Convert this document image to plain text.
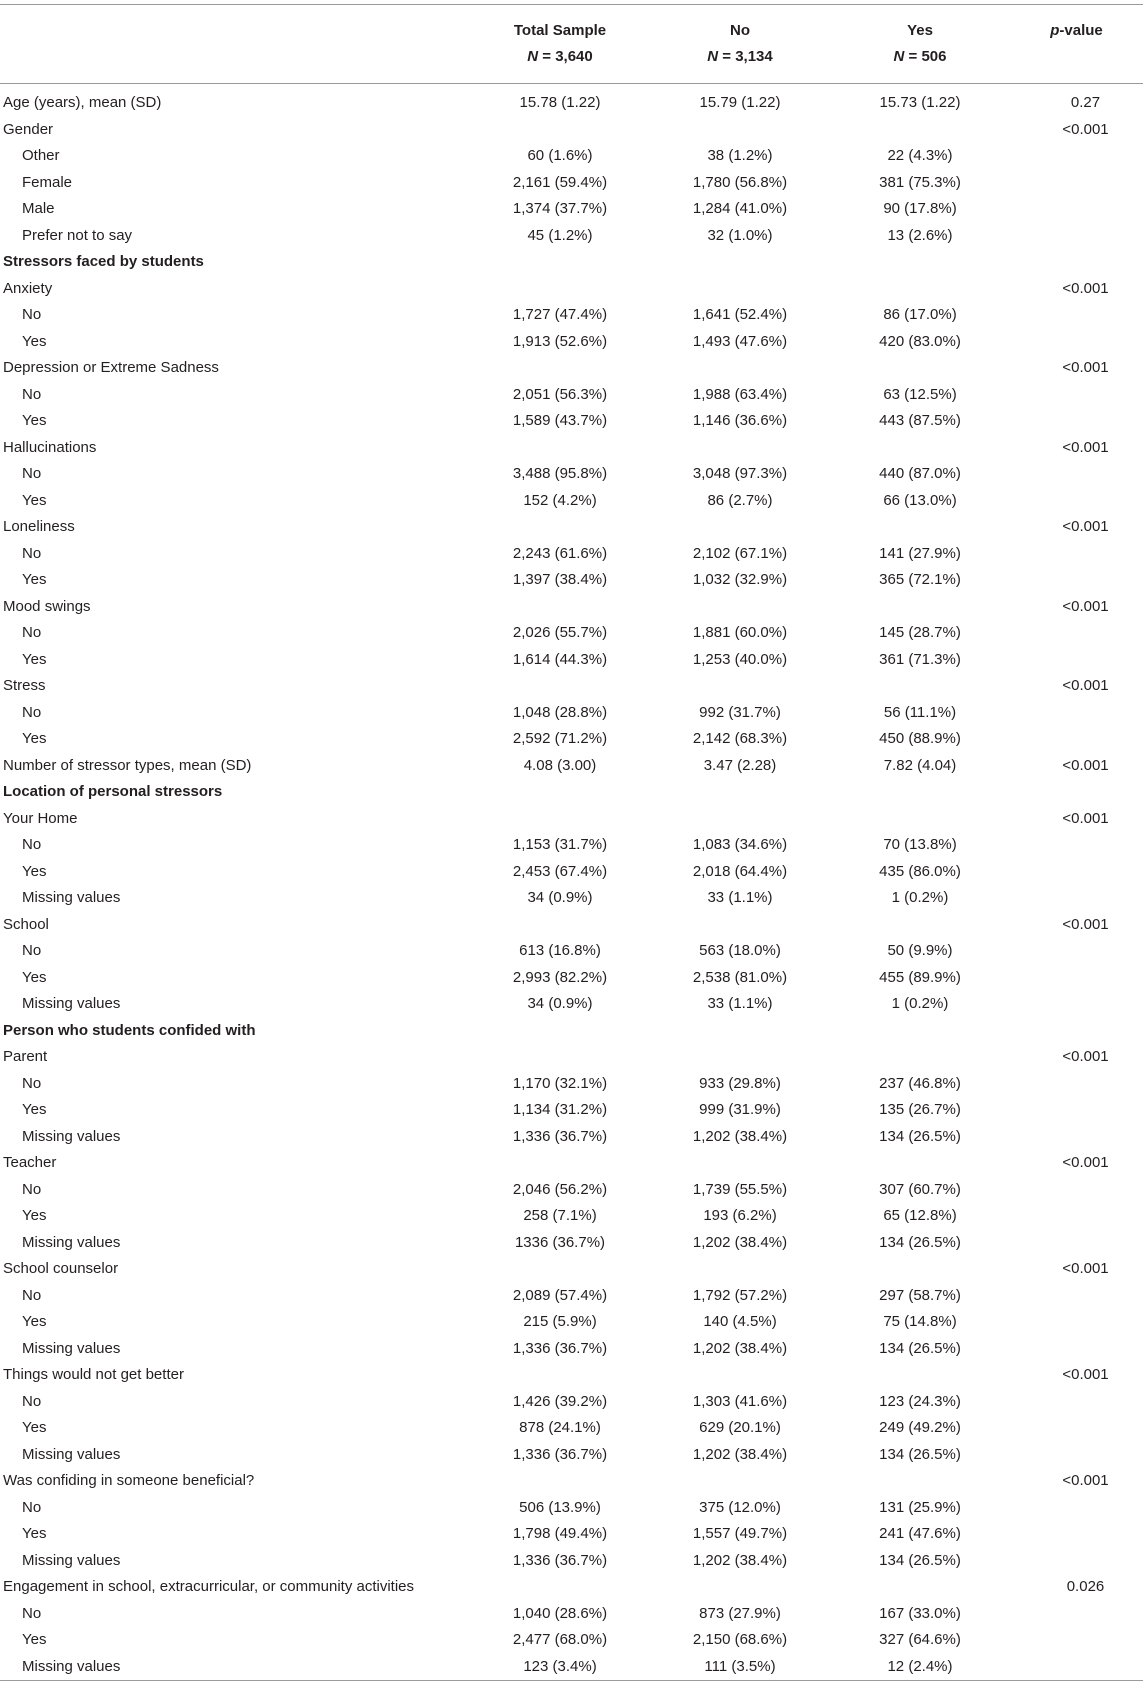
	Total Sample	No	Yes	p-value
	N = 3,640	N = 3,134	N = 506	
Age (years), mean (SD)	15.78 (1.22)	15.79 (1.22)	15.73 (1.22)	0.27
Gender				<0.001
Other	60 (1.6%)	38 (1.2%)	22 (4.3%)	
Female	2,161 (59.4%)	1,780 (56.8%)	381 (75.3%)	
Male	1,374 (37.7%)	1,284 (41.0%)	90 (17.8%)	
Prefer not to say	45 (1.2%)	32 (1.0%)	13 (2.6%)	
Stressors faced by students				
Anxiety				<0.001
No	1,727 (47.4%)	1,641 (52.4%)	86 (17.0%)	
Yes	1,913 (52.6%)	1,493 (47.6%)	420 (83.0%)	
Depression or Extreme Sadness				<0.001
No	2,051 (56.3%)	1,988 (63.4%)	63 (12.5%)	
Yes	1,589 (43.7%)	1,146 (36.6%)	443 (87.5%)	
Hallucinations				<0.001
No	3,488 (95.8%)	3,048 (97.3%)	440 (87.0%)	
Yes	152 (4.2%)	86 (2.7%)	66 (13.0%)	
Loneliness				<0.001
No	2,243 (61.6%)	2,102 (67.1%)	141 (27.9%)	
Yes	1,397 (38.4%)	1,032 (32.9%)	365 (72.1%)	
Mood swings				<0.001
No	2,026 (55.7%)	1,881 (60.0%)	145 (28.7%)	
Yes	1,614 (44.3%)	1,253 (40.0%)	361 (71.3%)	
Stress				<0.001
No	1,048 (28.8%)	992 (31.7%)	56 (11.1%)	
Yes	2,592 (71.2%)	2,142 (68.3%)	450 (88.9%)	
Number of stressor types, mean (SD)	4.08 (3.00)	3.47 (2.28)	7.82 (4.04)	<0.001
Location of personal stressors				
Your Home				<0.001
No	1,153 (31.7%)	1,083 (34.6%)	70 (13.8%)	
Yes	2,453 (67.4%)	2,018 (64.4%)	435 (86.0%)	
Missing values	34 (0.9%)	33 (1.1%)	1 (0.2%)	
School				<0.001
No	613 (16.8%)	563 (18.0%)	50 (9.9%)	
Yes	2,993 (82.2%)	2,538 (81.0%)	455 (89.9%)	
Missing values	34 (0.9%)	33 (1.1%)	1 (0.2%)	
Person who students confided with				
Parent				<0.001
No	1,170 (32.1%)	933 (29.8%)	237 (46.8%)	
Yes	1,134 (31.2%)	999 (31.9%)	135 (26.7%)	
Missing values	1,336 (36.7%)	1,202 (38.4%)	134 (26.5%)	
Teacher				<0.001
No	2,046 (56.2%)	1,739 (55.5%)	307 (60.7%)	
Yes	258 (7.1%)	193 (6.2%)	65 (12.8%)	
Missing values	1336 (36.7%)	1,202 (38.4%)	134 (26.5%)	
School counselor				<0.001
No	2,089 (57.4%)	1,792 (57.2%)	297 (58.7%)	
Yes	215 (5.9%)	140 (4.5%)	75 (14.8%)	
Missing values	1,336 (36.7%)	1,202 (38.4%)	134 (26.5%)	
Things would not get better				<0.001
No	1,426 (39.2%)	1,303 (41.6%)	123 (24.3%)	
Yes	878 (24.1%)	629 (20.1%)	249 (49.2%)	
Missing values	1,336 (36.7%)	1,202 (38.4%)	134 (26.5%)	
Was confiding in someone beneficial?				<0.001
No	506 (13.9%)	375 (12.0%)	131 (25.9%)	
Yes	1,798 (49.4%)	1,557 (49.7%)	241 (47.6%)	
Missing values	1,336 (36.7%)	1,202 (38.4%)	134 (26.5%)	
Engagement in school, extracurricular, or community activities				0.026
No	1,040 (28.6%)	873 (27.9%)	167 (33.0%)	
Yes	2,477 (68.0%)	2,150 (68.6%)	327 (64.6%)	
Missing values	123 (3.4%)	111 (3.5%)	12 (2.4%)	
